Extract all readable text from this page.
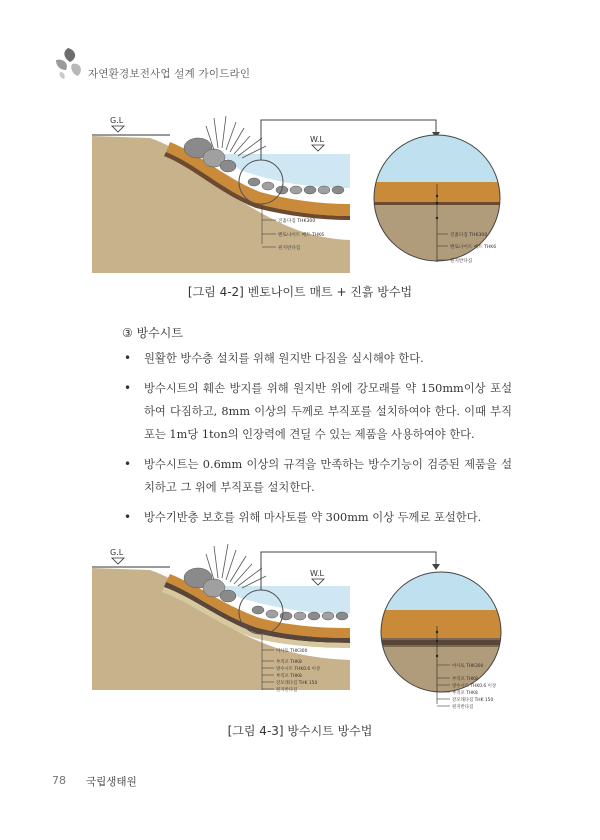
자연환경보전사업 설계 가이드라인
G.L
W.L
진흙다짐 THK300
벤토나이트 매트 THK6
원지반다짐
진흙다짐 THK300
벤토나이트 매트 THK6
원지반다짐
[그림 4-2] 벤토나이트 매트 + 진흙 방수법
③ 방수시트
• 원활한 방수층 설치를 위해 원지반 다짐을 실시해야 한다.
• 방수시트의 훼손 방지를 위해 원지반 위에 강모래를 약 150mm이상 포설하여 다짐하고, 8mm 이상의 두께로 부직포를 설치하여야 한다. 이때 부직포는 1m당 1ton의 인장력에 견딜 수 있는 제품을 사용하여야 한다.
• 방수시트는 0.6mm 이상의 규격을 만족하는 방수기능이 검증된 제품을 설치하고 그 위에 부직포를 설치한다.
• 방수기반층 보호를 위해 마사토를 약 300mm 이상 두께로 포설한다.
G.L
W.L
마사토 THK300
부직포 THK8
방수시트 THK0.6 이상
부직포 THK8
강모래다짐 THK 150
원지반다짐
마사토 THK300
부직포 THK8
방수시트 THK0.6 이상
부직포 THK8
강모래다짐 THK 150
원지반다짐
[그림 4-3] 방수시트 방수법
78 국립생태원
